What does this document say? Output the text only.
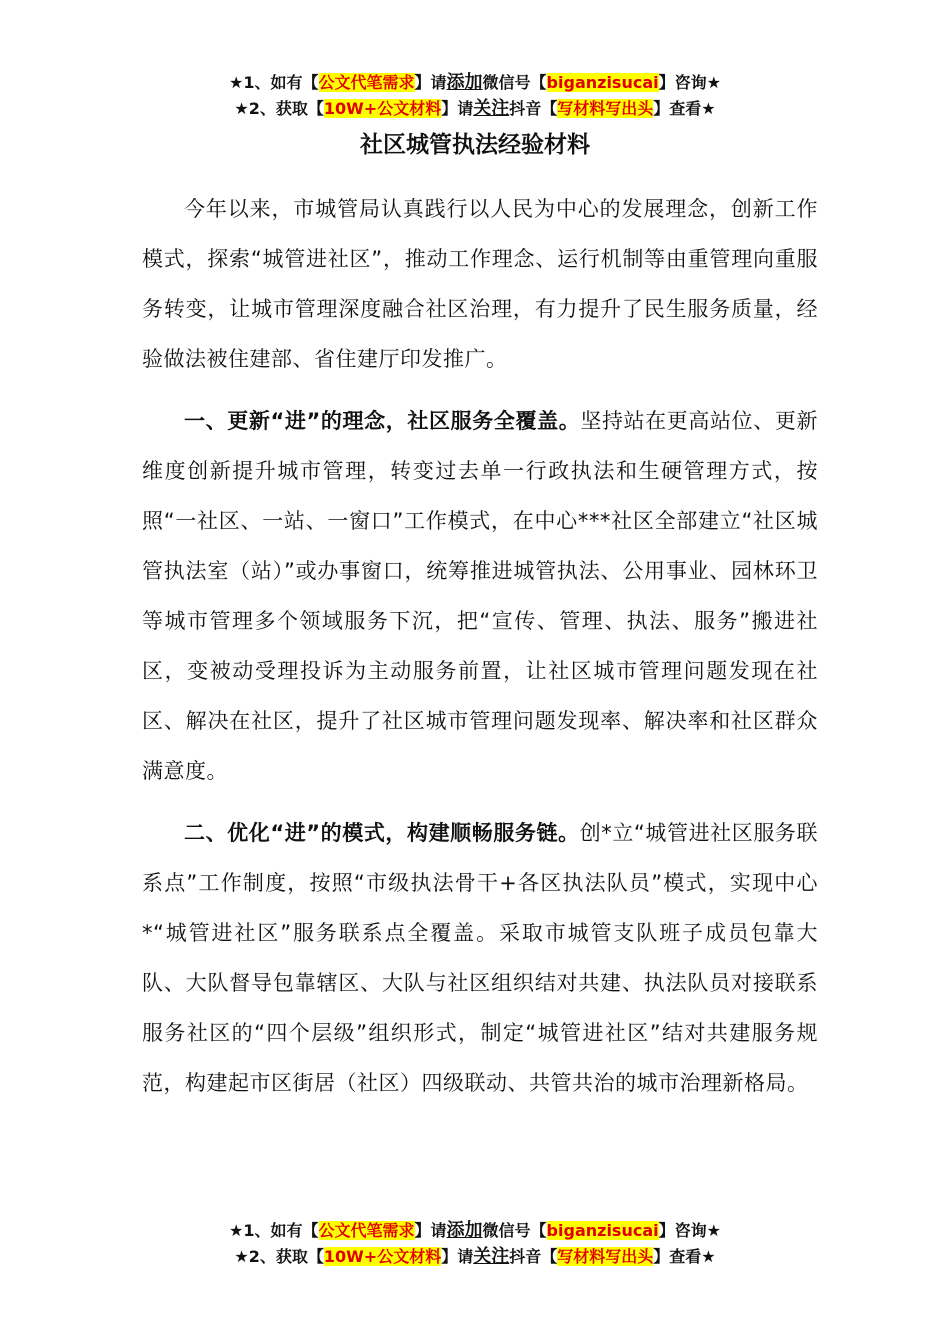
★1、如有【公文代笔需求】请添加微信号【biganzisucai】咨询★
★2、获取【10W+公文材料】请关注抖音【写材料写出头】查看★
社区城管执法经验材料

今年以来，市城管局认真践行以人民为中心的发展理念，创新工作模式，探索“城管进社区”，推动工作理念、运行机制等由重管理向重服务转变，让城市管理深度融合社区治理，有力提升了民生服务质量，经验做法被住建部、省住建厅印发推广。

一、更新“进”的理念，社区服务全覆盖。坚持站在更高站位、更新维度创新提升城市管理，转变过去单一行政执法和生硬管理方式，按照“一社区、一站、一窗口”工作模式，在中心***社区全部建立“社区城管执法室（站）”或办事窗口，统筹推进城管执法、公用事业、园林环卫等城市管理多个领域服务下沉，把“宣传、管理、执法、服务”搬进社区，变被动受理投诉为主动服务前置，让社区城市管理问题发现在社区、解决在社区，提升了社区城市管理问题发现率、解决率和社区群众满意度。

二、优化“进”的模式，构建顺畅服务链。创*立“城管进社区服务联系点”工作制度，按照“市级执法骨干+各区执法队员”模式，实现中心*“城管进社区”服务联系点全覆盖。采取市城管支队班子成员包靠大队、大队督导包靠辖区、大队与社区组织结对共建、执法队员对接联系服务社区的“四个层级”组织形式，制定“城管进社区”结对共建服务规范，构建起市区街居（社区）四级联动、共管共治的城市治理新格局。

★1、如有【公文代笔需求】请添加微信号【biganzisucai】咨询★
★2、获取【10W+公文材料】请关注抖音【写材料写出头】查看★
